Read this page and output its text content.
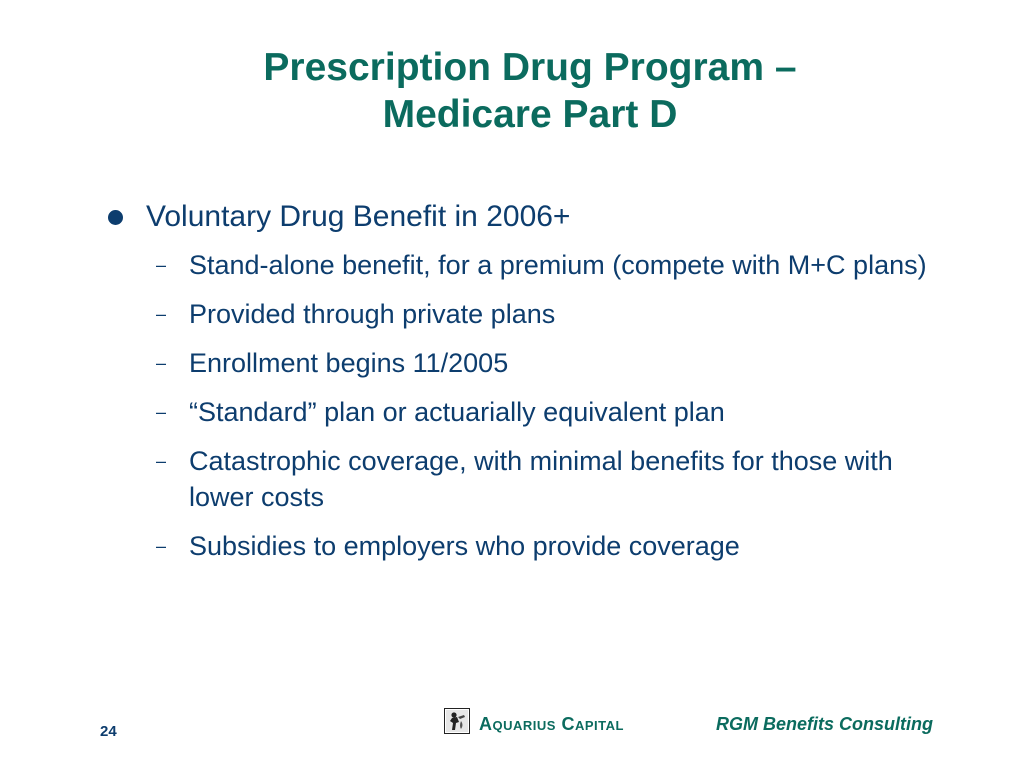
Prescription Drug Program –
Medicare Part D
Voluntary Drug Benefit in 2006+
– Stand-alone benefit, for a premium (compete with M+C plans)
– Provided through private plans
– Enrollment begins 11/2005
– “Standard” plan or actuarially equivalent plan
– Catastrophic coverage, with minimal benefits for those with lower costs
– Subsidies to employers who provide coverage
24	Aquarius Capital	RGM Benefits Consulting
